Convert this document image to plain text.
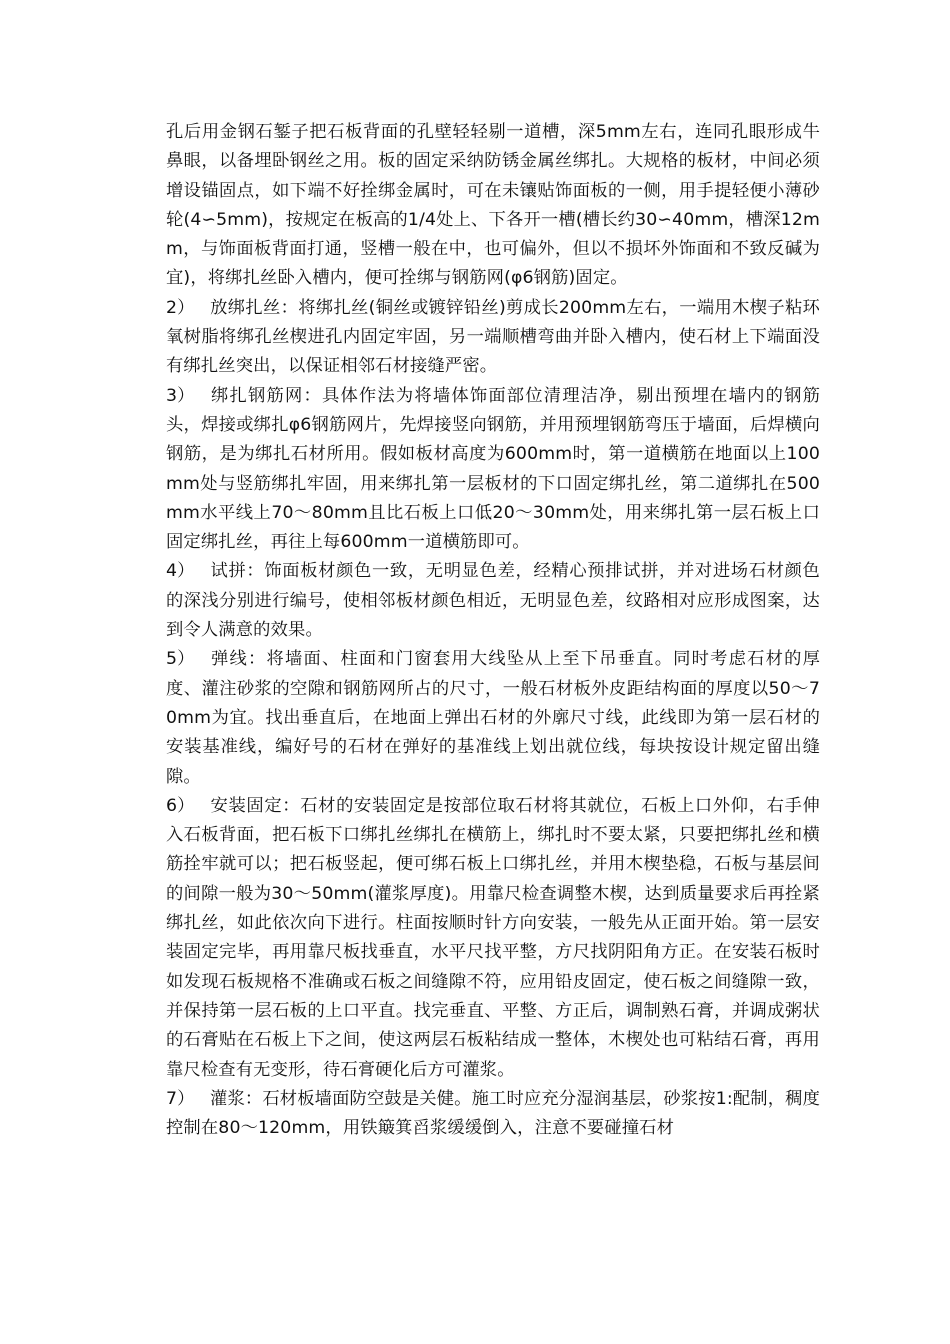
孔后用金钢石錾子把石板背面的孔壁轻轻剔一道槽，深5mm左右，连同孔眼形成牛鼻眼，以备埋卧钢丝之用。板的固定采纳防锈金属丝绑扎。大规格的板材，中间必须增设锚固点，如下端不好拴绑金属时，可在未镶贴饰面板的一侧，用手提轻便小薄砂轮(4∽5mm)，按规定在板高的1/4处上、下各开一槽(槽长约30∽40mm，槽深12mm，与饰面板背面打通，竖槽一般在中，也可偏外，但以不损坏外饰面和不致反碱为宜)，将绑扎丝卧入槽内，便可拴绑与钢筋网(φ6钢筋)固定。

2） 放绑扎丝：将绑扎丝(铜丝或镀锌铅丝)剪成长200mm左右，一端用木楔子粘环氧树脂将绑孔丝楔进孔内固定牢固，另一端顺槽弯曲并卧入槽内，使石材上下端面没有绑扎丝突出，以保证相邻石材接缝严密。

3） 绑扎钢筋网：具体作法为将墙体饰面部位清理洁净，剔出预埋在墙内的钢筋头，焊接或绑扎φ6钢筋网片，先焊接竖向钢筋，并用预埋钢筋弯压于墙面，后焊横向钢筋，是为绑扎石材所用。假如板材高度为600mm时，第一道横筋在地面以上100mm处与竖筋绑扎牢固，用来绑扎第一层板材的下口固定绑扎丝，第二道绑扎在500mm水平线上70～80mm且比石板上口低20～30mm处，用来绑扎第一层石板上口固定绑扎丝，再往上每600mm一道横筋即可。

4） 试拼：饰面板材颜色一致，无明显色差，经精心预排试拼，并对进场石材颜色的深浅分别进行编号，使相邻板材颜色相近，无明显色差，纹路相对应形成图案，达到令人满意的效果。

5） 弹线：将墙面、柱面和门窗套用大线坠从上至下吊垂直。同时考虑石材的厚度、灌注砂浆的空隙和钢筋网所占的尺寸，一般石材板外皮距结构面的厚度以50～70mm为宜。找出垂直后，在地面上弹出石材的外廓尺寸线，此线即为第一层石材的安装基准线，编好号的石材在弹好的基准线上划出就位线，每块按设计规定留出缝隙。

6） 安装固定：石材的安装固定是按部位取石材将其就位，石板上口外仰，右手伸入石板背面，把石板下口绑扎丝绑扎在横筋上，绑扎时不要太紧，只要把绑扎丝和横筋拴牢就可以；把石板竖起，便可绑石板上口绑扎丝，并用木楔垫稳，石板与基层间的间隙一般为30～50mm(灌浆厚度)。用靠尺检查调整木楔，达到质量要求后再拴紧绑扎丝，如此依次向下进行。柱面按顺时针方向安装，一般先从正面开始。第一层安装固定完毕，再用靠尺板找垂直，水平尺找平整，方尺找阴阳角方正。在安装石板时如发现石板规格不准确或石板之间缝隙不符，应用铅皮固定，使石板之间缝隙一致，并保持第一层石板的上口平直。找完垂直、平整、方正后，调制熟石膏，并调成粥状的石膏贴在石板上下之间，使这两层石板粘结成一整体，木楔处也可粘结石膏，再用靠尺检查有无变形，待石膏硬化后方可灌浆。

7） 灌浆：石材板墙面防空鼓是关健。施工时应充分湿润基层，砂浆按1:配制，稠度控制在80～120mm，用铁簸箕舀浆缓缓倒入，注意不要碰撞石材
